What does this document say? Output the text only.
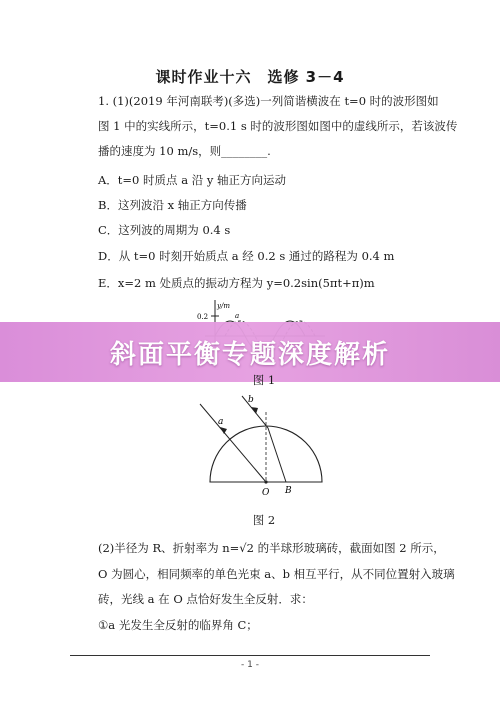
课时作业十六　选修 3－4
1. (1)(2019 年河南联考)(多选)一列简谐横波在 t=0 时的波形图如
图 1 中的实线所示，t=0.1 s 时的波形图如图中的虚线所示，若该波传
播的速度为 10 m/s，则________.
A．t=0 时质点 a 沿 y 轴正方向运动
B．这列波沿 x 轴正方向传播
C．这列波的周期为 0.4 s
D．从 t=0 时刻开始质点 a 经 0.2 s 通过的路程为 0.4 m
E．x=2 m 处质点的振动方程为 y=0.2sin(5πt+π)m
y/m
0.2	a
斜面平衡专题深度解析
图 1
a
b
O B
图 2
(2)半径为 R、折射率为 n=√2 的半球形玻璃砖，截面如图 2 所示，
O 为圆心，相同频率的单色光束 a、b 相互平行，从不同位置射入玻璃
砖，光线 a 在 O 点恰好发生全反射．求：
①a 光发生全反射的临界角 C；
- 1 -
